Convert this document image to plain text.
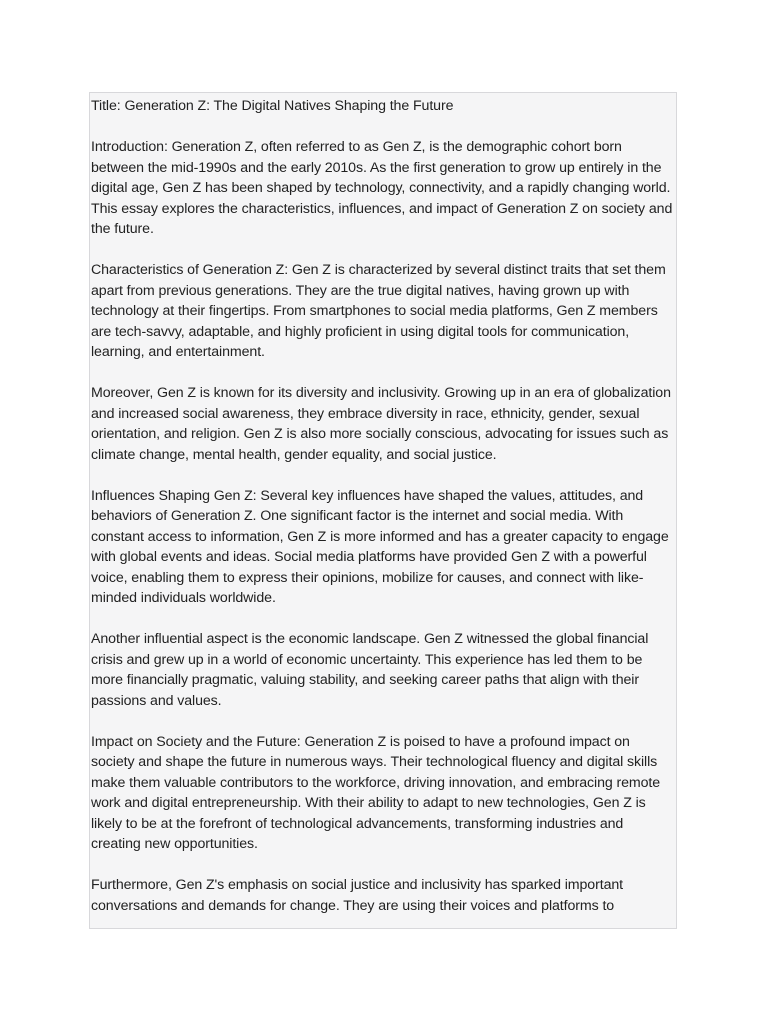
Title: Generation Z: The Digital Natives Shaping the Future

Introduction: Generation Z, often referred to as Gen Z, is the demographic cohort born between the mid-1990s and the early 2010s. As the first generation to grow up entirely in the digital age, Gen Z has been shaped by technology, connectivity, and a rapidly changing world. This essay explores the characteristics, influences, and impact of Generation Z on society and the future.

Characteristics of Generation Z: Gen Z is characterized by several distinct traits that set them apart from previous generations. They are the true digital natives, having grown up with technology at their fingertips. From smartphones to social media platforms, Gen Z members are tech-savvy, adaptable, and highly proficient in using digital tools for communication, learning, and entertainment.

Moreover, Gen Z is known for its diversity and inclusivity. Growing up in an era of globalization and increased social awareness, they embrace diversity in race, ethnicity, gender, sexual orientation, and religion. Gen Z is also more socially conscious, advocating for issues such as climate change, mental health, gender equality, and social justice.

Influences Shaping Gen Z: Several key influences have shaped the values, attitudes, and behaviors of Generation Z. One significant factor is the internet and social media. With constant access to information, Gen Z is more informed and has a greater capacity to engage with global events and ideas. Social media platforms have provided Gen Z with a powerful voice, enabling them to express their opinions, mobilize for causes, and connect with like-minded individuals worldwide.

Another influential aspect is the economic landscape. Gen Z witnessed the global financial crisis and grew up in a world of economic uncertainty. This experience has led them to be more financially pragmatic, valuing stability, and seeking career paths that align with their passions and values.

Impact on Society and the Future: Generation Z is poised to have a profound impact on society and shape the future in numerous ways. Their technological fluency and digital skills make them valuable contributors to the workforce, driving innovation, and embracing remote work and digital entrepreneurship. With their ability to adapt to new technologies, Gen Z is likely to be at the forefront of technological advancements, transforming industries and creating new opportunities.

Furthermore, Gen Z's emphasis on social justice and inclusivity has sparked important conversations and demands for change. They are using their voices and platforms to
